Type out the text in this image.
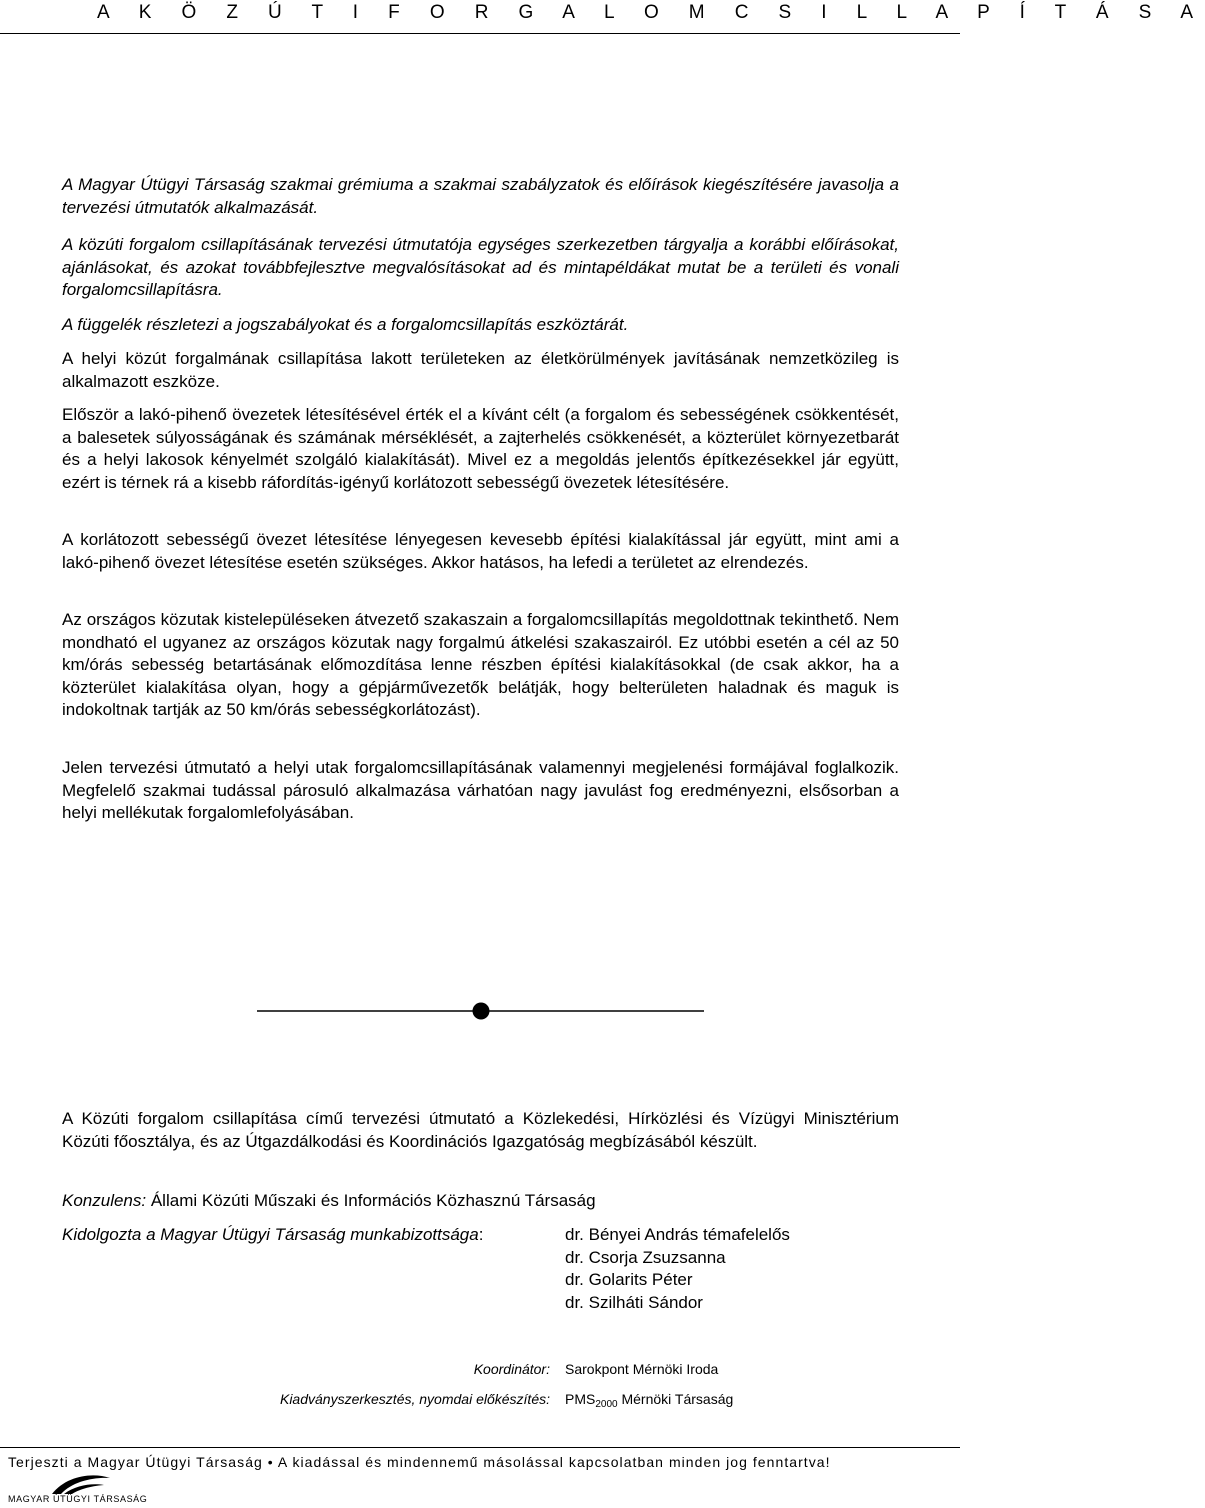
A K Ö Z Ú T I F O R G A L O M C S I L L A P Í T Á S A

A Magyar Útügyi Társaság szakmai grémiuma a szakmai szabályzatok és előírások kiegészítésére javasolja a tervezési útmutatók alkalmazását.

A közúti forgalom csillapításának tervezési útmutatója egységes szerkezetben tárgyalja a korábbi előírásokat, ajánlásokat, és azokat továbbfejlesztve megvalósításokat ad és mintapéldákat mutat be a területi és vonali forgalomcsillapításra.

A függelék részletezi a jogszabályokat és a forgalomcsillapítás eszköztárát.

A helyi közút forgalmának csillapítása lakott területeken az életkörülmények javításának nemzetközileg is alkalmazott eszköze.

Először a lakó-pihenő övezetek létesítésével érték el a kívánt célt (a forgalom és sebességének csökkentését, a balesetek súlyosságának és számának mérséklését, a zajterhelés csökkenését, a közterület környezetbarát és a helyi lakosok kényelmét szolgáló kialakítását). Mivel ez a megoldás jelentős építkezésekkel jár együtt, ezért is térnek rá a kisebb ráfordítás-igényű korlátozott sebességű övezetek létesítésére.

A korlátozott sebességű övezet létesítése lényegesen kevesebb építési kialakítással jár együtt, mint ami a lakó-pihenő övezet létesítése esetén szükséges. Akkor hatásos, ha lefedi a területet az elrendezés.

Az országos közutak kistelepüléseken átvezető szakaszain a forgalomcsillapítás megoldottnak tekinthető. Nem mondható el ugyanez az országos közutak nagy forgalmú átkelési szakaszairól. Ez utóbbi esetén a cél az 50 km/órás sebesség betartásának előmozdítása lenne részben építési kialakításokkal (de csak akkor, ha a közterület kialakítása olyan, hogy a gépjárművezetők belátják, hogy belterületen haladnak és maguk is indokoltnak tartják az 50 km/órás sebességkorlátozást).

Jelen tervezési útmutató a helyi utak forgalomcsillapításának valamennyi megjelenési formájával foglalkozik. Megfelelő szakmai tudással párosuló alkalmazása várhatóan nagy javulást fog eredményezni, elsősorban a helyi mellékutak forgalomlefolyásában.

A Közúti forgalom csillapítása című tervezési útmutató a Közlekedési, Hírközlési és Vízügyi Minisztérium Közúti főosztálya, és az Útgazdálkodási és Koordinációs Igazgatóság megbízásából készült.

Konzulens: Állami Közúti Műszaki és Információs Közhasznú Társaság
Kidolgozta a Magyar Útügyi Társaság munkabizottsága:	dr. Bényei András témafelelős
dr. Csorja Zsuzsanna
dr. Golarits Péter
dr. Szilháti Sándor
Koordinátor: Sarokpont Mérnöki Iroda
Kiadványszerkesztés, nyomdai előkészítés: $PMS_{2000}$ Mérnöki Társaság
Terjeszti a Magyar Útügyi Társaság • A kiadással és mindennemű másolással kapcsolatban minden jog fenntartva!
MAGYAR ÚTÜGYI TÁRSASÁG
